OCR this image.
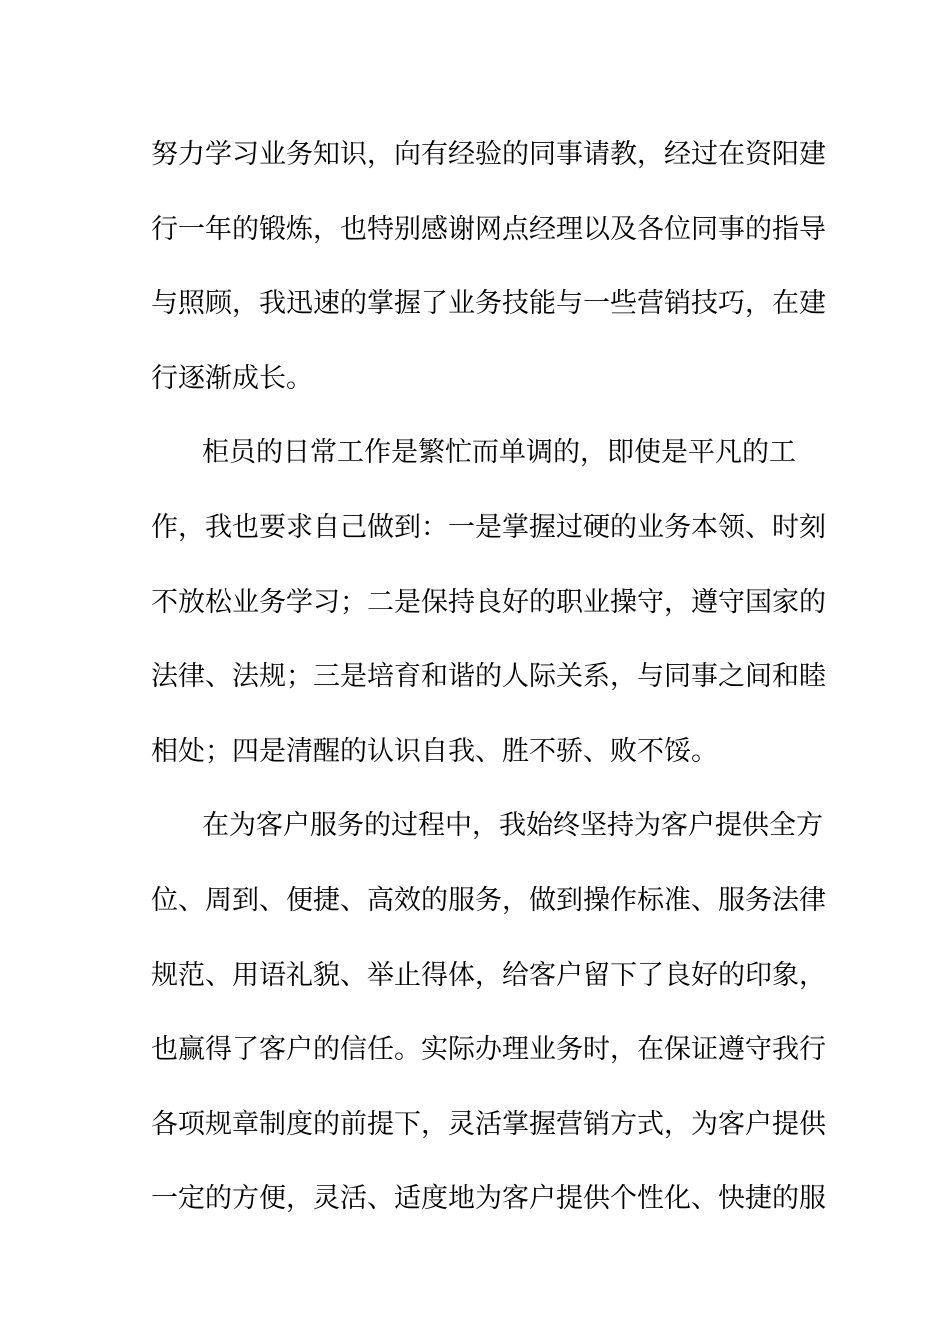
努力学习业务知识，向有经验的同事请教，经过在资阳建
行一年的锻炼，也特别感谢网点经理以及各位同事的指导
与照顾，我迅速的掌握了业务技能与一些营销技巧，在建
行逐渐成长。
柜员的日常工作是繁忙而单调的，即使是平凡的工
作，我也要求自己做到：一是掌握过硬的业务本领、时刻
不放松业务学习；二是保持良好的职业操守，遵守国家的
法律、法规；三是培育和谐的人际关系，与同事之间和睦
相处；四是清醒的认识自我、胜不骄、败不馁。
在为客户服务的过程中，我始终坚持为客户提供全方
位、周到、便捷、高效的服务，做到操作标准、服务法律
规范、用语礼貌、举止得体，给客户留下了良好的印象，
也赢得了客户的信任。实际办理业务时，在保证遵守我行
各项规章制度的前提下，灵活掌握营销方式，为客户提供
一定的方便，灵活、适度地为客户提供个性化、快捷的服
